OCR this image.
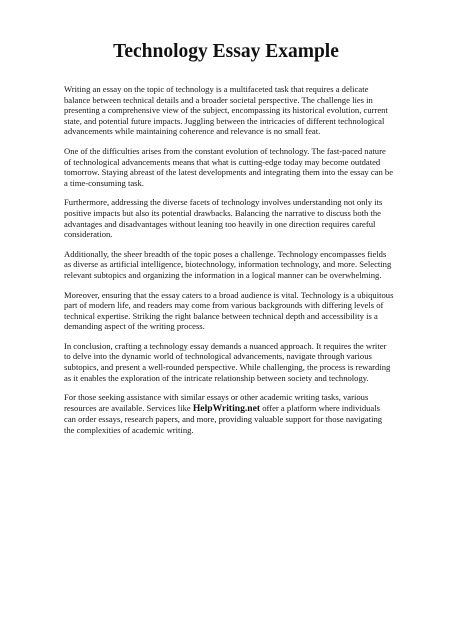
Technology Essay Example

Writing an essay on the topic of technology is a multifaceted task that requires a delicate balance between technical details and a broader societal perspective. The challenge lies in presenting a comprehensive view of the subject, encompassing its historical evolution, current state, and potential future impacts. Juggling between the intricacies of different technological advancements while maintaining coherence and relevance is no small feat.

One of the difficulties arises from the constant evolution of technology. The fast-paced nature of technological advancements means that what is cutting-edge today may become outdated tomorrow. Staying abreast of the latest developments and integrating them into the essay can be a time-consuming task.

Furthermore, addressing the diverse facets of technology involves understanding not only its positive impacts but also its potential drawbacks. Balancing the narrative to discuss both the advantages and disadvantages without leaning too heavily in one direction requires careful consideration.

Additionally, the sheer breadth of the topic poses a challenge. Technology encompasses fields as diverse as artificial intelligence, biotechnology, information technology, and more. Selecting relevant subtopics and organizing the information in a logical manner can be overwhelming.

Moreover, ensuring that the essay caters to a broad audience is vital. Technology is a ubiquitous part of modern life, and readers may come from various backgrounds with differing levels of technical expertise. Striking the right balance between technical depth and accessibility is a demanding aspect of the writing process.

In conclusion, crafting a technology essay demands a nuanced approach. It requires the writer to delve into the dynamic world of technological advancements, navigate through various subtopics, and present a well-rounded perspective. While challenging, the process is rewarding as it enables the exploration of the intricate relationship between society and technology.

For those seeking assistance with similar essays or other academic writing tasks, various resources are available. Services like HelpWriting.net offer a platform where individuals can order essays, research papers, and more, providing valuable support for those navigating the complexities of academic writing.
